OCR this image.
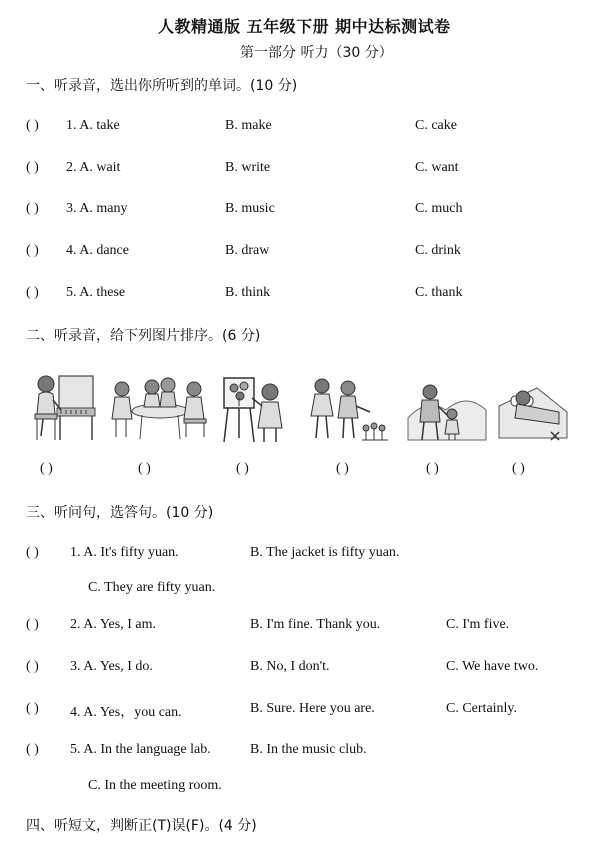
人教精通版 五年级下册 期中达标测试卷
第一部分 听力（30 分）
一、听录音，选出你所听到的单词。(10 分)
( ) 1. A. take	B. make	C. cake
( ) 2. A. wait	B. write	C. want
( ) 3. A. many	B. music	C. much
( ) 4. A. dance	B. draw	C. drink
( ) 5. A. these	B. think	C. thank
二、听录音，给下列图片排序。(6 分)
( )	( )	( )	( )	( )	( )
三、听问句，选答句。(10 分)
( ) 1. A. It's fifty yuan.	B. The jacket is fifty yuan.
C. They are fifty yuan.
( ) 2. A. Yes, I am.	B. I'm fine. Thank you.	C. I'm five.
( ) 3. A. Yes, I do.	B. No, I don't.	C. We have two.
( ) 4. A. Yes，you can.	B. Sure. Here you are.	C. Certainly.
( ) 5. A. In the language lab.	B. In the music club.
C. In the meeting room.
四、听短文，判断正(T)误(F)。(4 分)
